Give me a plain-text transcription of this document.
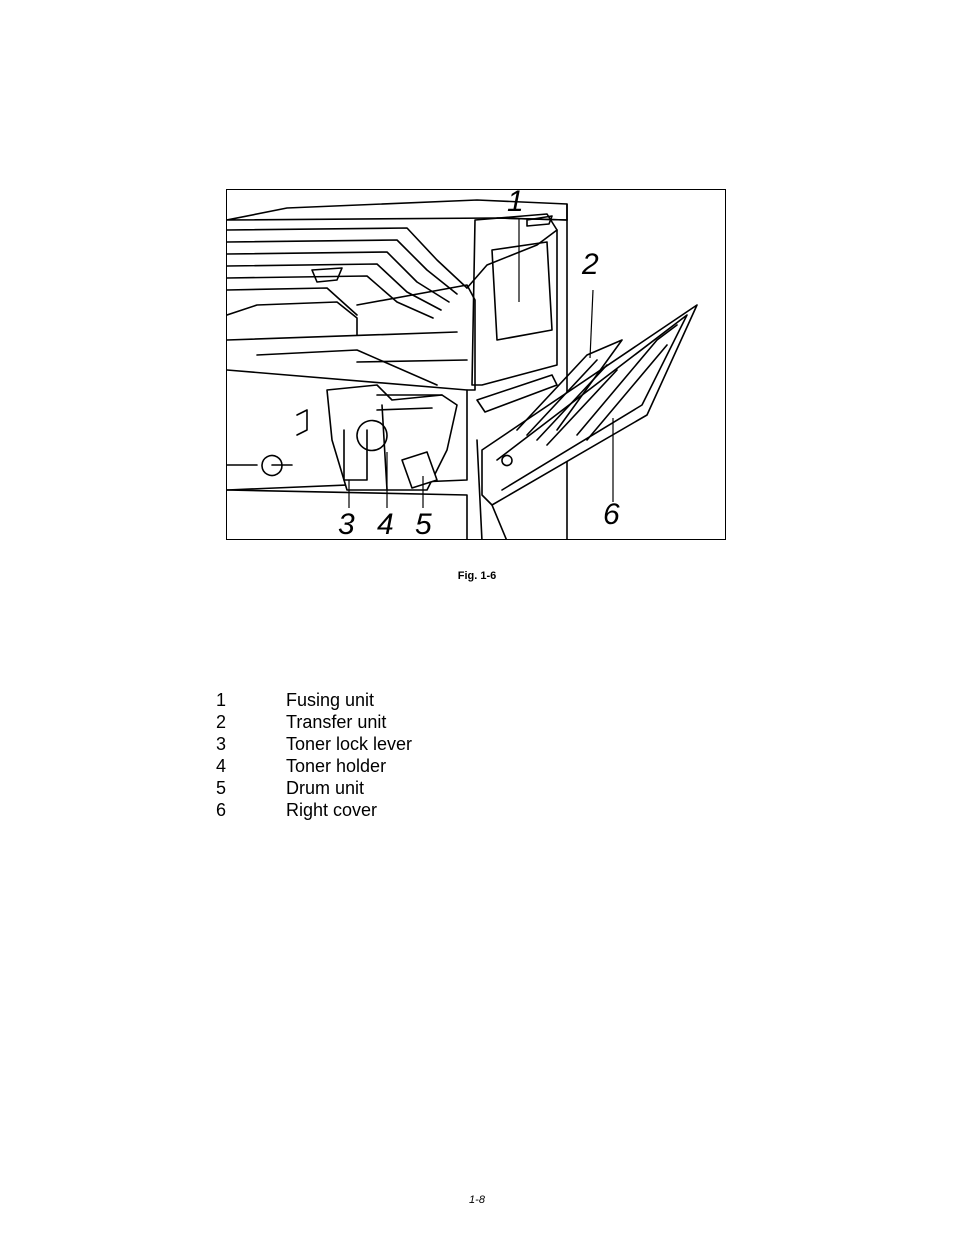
1
2
3 4 5	6
Fig. 1-6
1	Fusing unit
2	Transfer unit
3	Toner lock lever
4	Toner holder
5	Drum unit
6	Right cover
1-8
